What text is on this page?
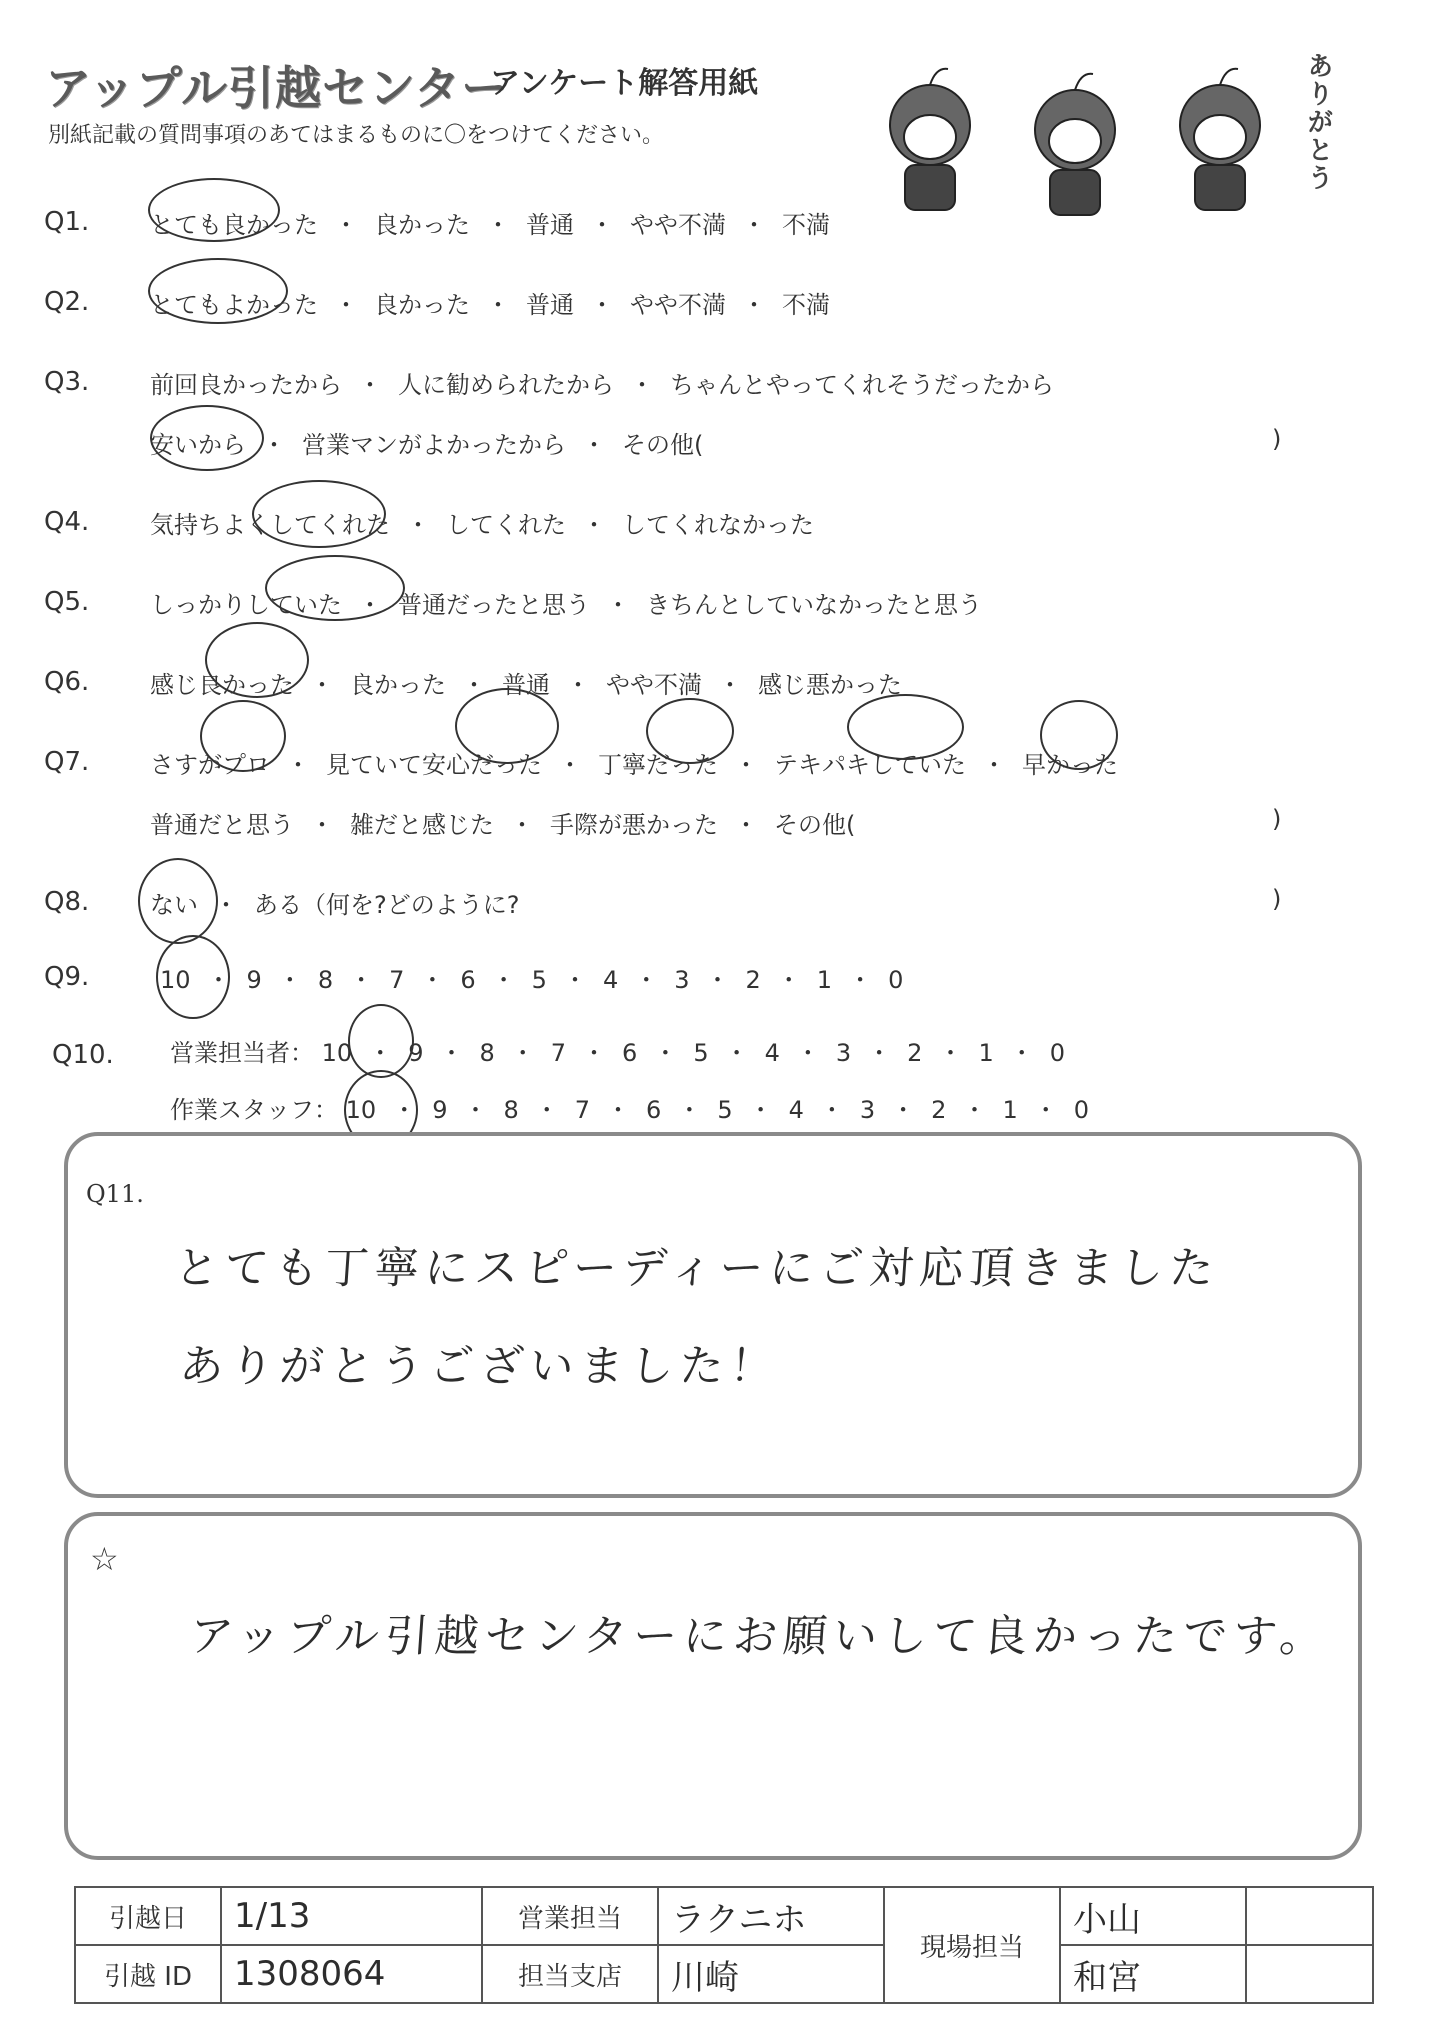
アップル引越センター
アンケート解答用紙
別紙記載の質問事項のあてはまるものに〇をつけてください。	ありがとう
Q1.	とても良かった ・ 良かった ・ 普通 ・ やや不満 ・ 不満
Q2.	とてもよかった ・ 良かった ・ 普通 ・ やや不満 ・ 不満
Q3.	前回良かったから ・ 人に勧められたから ・ ちゃんとやってくれそうだったから
安いから ・ 営業マンがよかったから ・ その他(	)
Q4.	気持ちよくしてくれた ・ してくれた ・ してくれなかった
Q5.	しっかりしていた ・ 普通だったと思う ・ きちんとしていなかったと思う
Q6.	感じ良かった ・ 良かった ・ 普通 ・ やや不満 ・ 感じ悪かった
Q7.	さすがプロ ・ 見ていて安心だった ・ 丁寧だった ・ テキパキしていた ・ 早かった
普通だと思う ・ 雑だと感じた ・ 手際が悪かった ・ その他(	)
Q8.	ない ・ ある（何を?どのように?	)
Q9.	10 ・ 9 ・ 8 ・ 7 ・ 6 ・ 5 ・ 4 ・ 3 ・ 2 ・ 1 ・ 0
Q10. 営業担当者： 10 ・ 9 ・ 8 ・ 7 ・ 6 ・ 5 ・ 4 ・ 3 ・ 2 ・ 1 ・ 0
作業スタッフ： 10 ・ 9 ・ 8 ・ 7 ・ 6 ・ 5 ・ 4 ・ 3 ・ 2 ・ 1 ・ 0
Q11.
とても丁寧にスピーディーにご対応頂きました
ありがとうございました！
☆
アップル引越センターにお願いして良かったです。
引越日	1/13	営業担当	ラクニホ	現場担当	小山	
引越 ID	1308064	担当支店	川崎		和宮	
